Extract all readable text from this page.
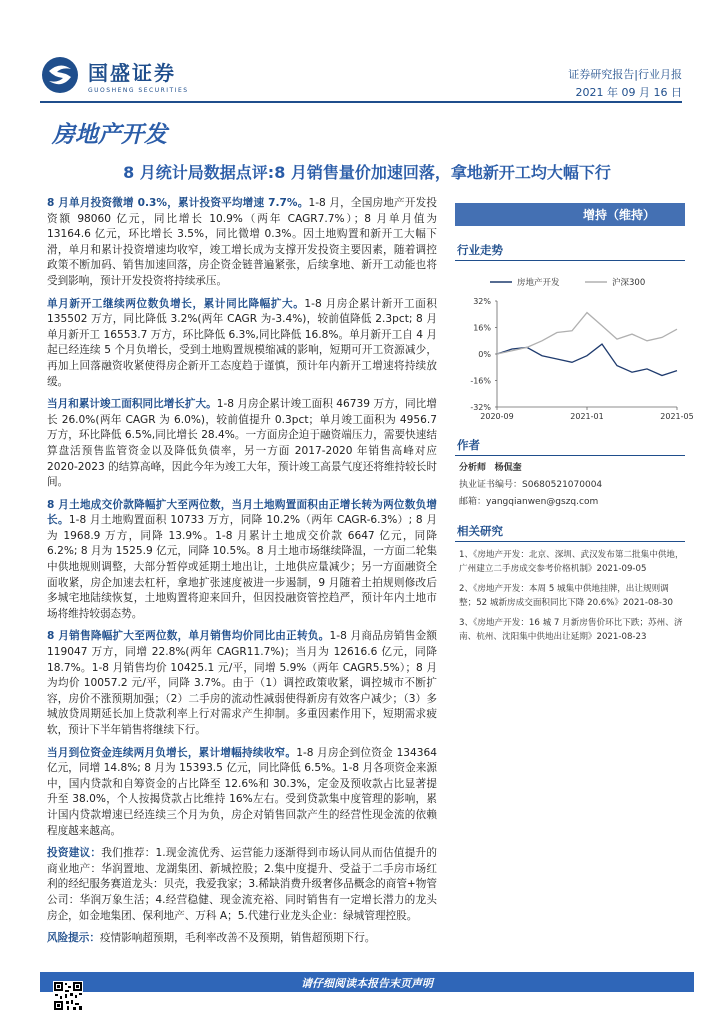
国盛证券
GUOSHENG SECURITIES
证券研究报告|行业月报
2021 年 09 月 16 日
房地产开发
8 月统计局数据点评:8 月销售量价加速回落，拿地新开工均大幅下行

8 月单月投资微增 0.3%，累计投资平均增速 7.7%。1-8 月，全国房地产开发投资额 98060 亿元，同比增长 10.9%（两年 CAGR7.7%）；8 月单月值为 13164.6 亿元，环比增长 3.5%，同比微增 0.3%。因土地购置和新开工大幅下滑，单月和累计投资增速均收窄，竣工增长成为支撑开发投资主要因素，随着调控政策不断加码、销售加速回落，房企资金链普遍紧张，后续拿地、新开工动能也将受到影响，预计开发投资将持续承压。

单月新开工继续两位数负增长，累计同比降幅扩大。1-8 月房企累计新开工面积 135502 万方，同比降低 3.2%(两年 CAGR 为-3.4%)，较前值降低 2.3pct; 8 月单月新开工 16553.7 万方，环比降低 6.3%,同比降低 16.8%。单月新开工自 4 月起已经连续 5 个月负增长，受到土地购置规模缩减的影响，短期可开工资源减少，再加上回落融资收紧使得房企新开工态度趋于谨慎，预计年内新开工增速将持续放缓。

当月和累计竣工面积同比增长扩大。1-8 月房企累计竣工面积 46739 万方，同比增长 26.0%(两年 CAGR 为 6.0%)，较前值提升 0.3pct；单月竣工面积为 4956.7 万方，环比降低 6.5%,同比增长 28.4%。一方面房企迫于融资端压力，需要快速结算盘活预售监管资金以及降低负债率，另一方面 2017-2020 年销售高峰对应 2020-2023 的结算高峰，因此今年为竣工大年，预计竣工高景气度还将维持较长时间。

8 月土地成交价款降幅扩大至两位数，当月土地购置面积由正增长转为两位数负增长。1-8 月土地购置面积 10733 万方，同降 10.2%（两年 CAGR-6.3%）; 8 月为 1968.9 万方，同降 13.9%。1-8 月累计土地成交价款 6647 亿元，同降 6.2%; 8 月为 1525.9 亿元，同降 10.5%。8 月土地市场继续降温，一方面二轮集中供地规则调整，大部分暂停或延期土地出让，土地供应量减少；另一方面融资全面收紧，房企加速去杠杆，拿地扩张速度被进一步遏制，9 月随着土拍规则修改后多城宅地陆续恢复，土地购置将迎来回升，但因投融资管控趋严，预计年内土地市场将维持较弱态势。

8 月销售降幅扩大至两位数，单月销售均价同比由正转负。1-8 月商品房销售金额 119047 万方，同增 22.8%(两年 CAGR11.7%)；当月为 12616.6 亿元，同降 18.7%。1-8 月销售均价 10425.1 元/平，同增 5.9%（两年 CAGR5.5%）；8 月为均价 10057.2 元/平，同降 3.7%。由于（1）调控政策收紧，调控城市不断扩容，房价不涨预期加强；（2）二手房的流动性减弱使得新房有效客户减少；（3）多城放贷周期延长加上贷款利率上行对需求产生抑制。多重因素作用下，短期需求疲软，预计下半年销售将继续下行。

当月到位资金连续两月负增长，累计增幅持续收窄。1-8 月房企到位资金 134364 亿元，同增 14.8%; 8 月为 15393.5 亿元，同比降低 6.5%。1-8 月各项资金来源中，国内贷款和自筹资金的占比降至 12.6%和 30.3%，定金及预收款占比显著提升至 38.0%，个人按揭贷款占比维持 16%左右。受到贷款集中度管理的影响，累计国内贷款增速已经连续三个月为负，房企对销售回款产生的经营性现金流的依赖程度越来越高。

投资建议：我们推荐：1.现金流优秀、运营能力逐渐得到市场认同从而估值提升的商业地产：华润置地、龙湖集团、新城控股；2.集中度提升、受益于二手房市场红利的经纪服务赛道龙头：贝壳，我爱我家；3.稀缺消费升级奢侈品概念的商管+物管公司：华润万象生活；4.经营稳健、现金流充裕、同时销售有一定增长潜力的龙头房企，如金地集团、保利地产、万科 A；5.代建行业龙头企业：绿城管理控股。

风险提示：疫情影响超预期，毛利率改善不及预期，销售超预期下行。

增持（维持）
行业走势
房地产开发	沪深300
32%
16%
0%
-16%
-32%
2020-09	2021-01	2021-05
作者
分析师 杨侃奎
执业证书编号：S0680521070004
邮箱：yangqianwen@gszq.com
相关研究
1、《房地产开发：北京、深圳、武汉发布第二批集中供地，广州建立二手房成交参考价格机制》2021-09-05
2、《房地产开发：本周 5 城集中供地挂牌，出让规则调整；52 城新房成交面积同比下降 20.6%》2021-08-30
3、《房地产开发：16 城 7 月新房售价环比下跌；苏州、济南、杭州、沈阳集中供地出让延期》2021-08-23
请仔细阅读本报告末页声明
